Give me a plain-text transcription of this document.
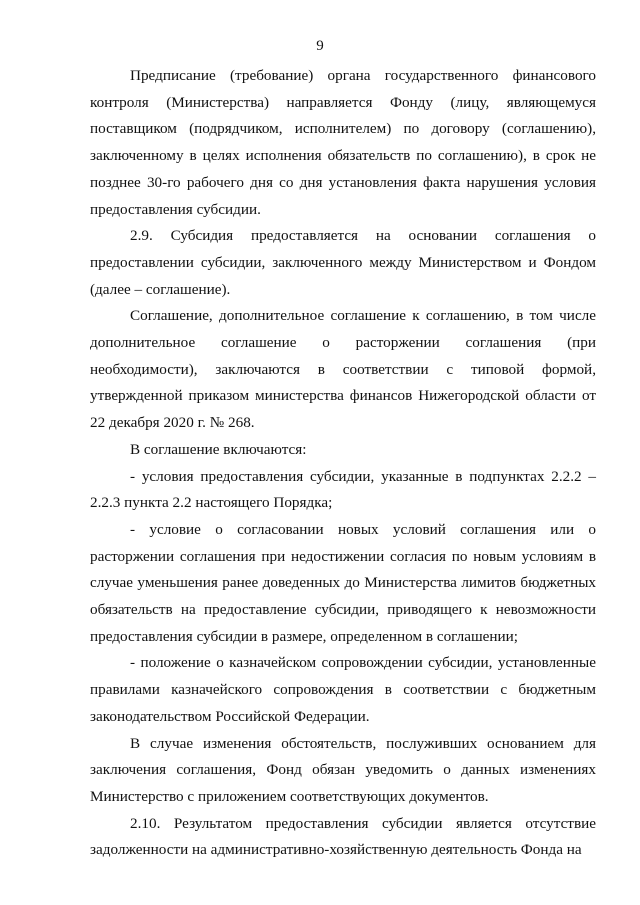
9

Предписание (требование) органа государственного финансового контроля (Министерства) направляется Фонду (лицу, являющемуся поставщиком (подрядчиком, исполнителем) по договору (соглашению), заключенному в целях исполнения обязательств по соглашению), в срок не позднее 30-го рабочего дня со дня установления факта нарушения условия предоставления субсидии.

2.9. Субсидия предоставляется на основании соглашения о предоставлении субсидии, заключенного между Министерством и Фондом (далее – соглашение).

Соглашение, дополнительное соглашение к соглашению, в том числе дополнительное соглашение о расторжении соглашения (при необходимости), заключаются в соответствии с типовой формой, утвержденной приказом министерства финансов Нижегородской области от 22 декабря 2020 г. № 268.

В соглашение включаются:

- условия предоставления субсидии, указанные в подпунктах 2.2.2 – 2.2.3 пункта 2.2 настоящего Порядка;

- условие о согласовании новых условий соглашения или о расторжении соглашения при недостижении согласия по новым условиям в случае уменьшения ранее доведенных до Министерства лимитов бюджетных обязательств на предоставление субсидии, приводящего к невозможности предоставления субсидии в размере, определенном в соглашении;

- положение о казначейском сопровождении субсидии, установленные правилами казначейского сопровождения в соответствии с бюджетным законодательством Российской Федерации.

В случае изменения обстоятельств, послуживших основанием для заключения соглашения, Фонд обязан уведомить о данных изменениях Министерство с приложением соответствующих документов.

2.10. Результатом предоставления субсидии является отсутствие задолженности на административно-хозяйственную деятельность Фонда на
